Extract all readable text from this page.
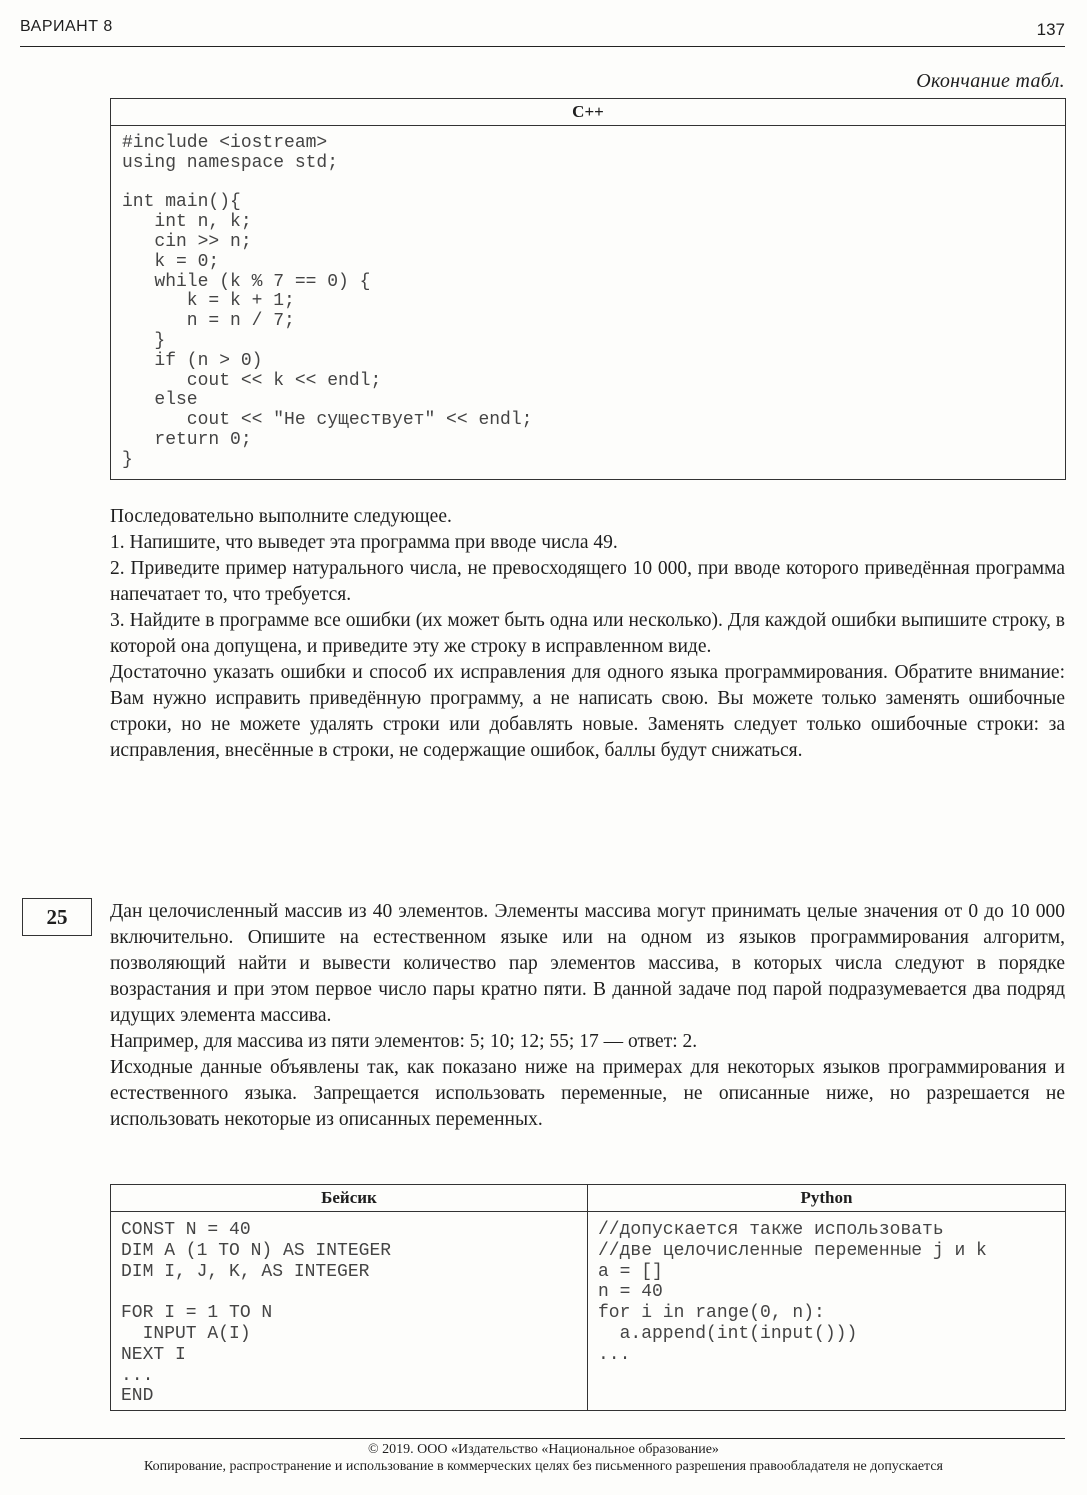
ВАРИАНТ 8	137
Окончание табл.
C++
#include <iostream>
using namespace std;

int main(){
int n, k;
cin >> n;
k = 0;
while (k % 7 == 0) {
k = k + 1;
n = n / 7;
}
if (n > 0)
cout << k << endl;
else
cout << "Не существует" << endl;
return 0;
}

Последовательно выполните следующее.

1. Напишите, что выведет эта программа при вводе числа 49.

2. Приведите пример натурального числа, не превосходящего 10 000, при вводе которого приведённая программа напечатает то, что требуется.

3. Найдите в программе все ошибки (их может быть одна или несколько). Для каждой ошибки выпишите строку, в которой она допущена, и приведите эту же строку в исправленном виде.

Достаточно указать ошибки и способ их исправления для одного языка программирования. Обратите внимание: Вам нужно исправить приведённую программу, а не написать свою. Вы можете только заменять ошибочные строки, но не можете удалять строки или добавлять новые. Заменять следует только ошибочные строки: за исправления, внесённые в строки, не содержащие ошибок, баллы будут снижаться.

25	Дан целочисленный массив из 40 элементов. Элементы массива могут принимать целые значения от 0 до 10 000 включительно. Опишите на естественном языке или на одном из языков программирования алгоритм, позволяющий найти и вывести количество пар элементов массива, в которых числа следуют в порядке возрастания и при этом первое число пары кратно пяти. В данной задаче под парой подразумевается два подряд идущих элемента массива.

Например, для массива из пяти элементов: 5; 10; 12; 55; 17 — ответ: 2.

Исходные данные объявлены так, как показано ниже на примерах для некоторых языков программирования и естественного языка. Запрещается использовать переменные, не описанные ниже, но разрешается не использовать некоторые из описанных переменных.

Бейсик
CONST N = 40
DIM A (1 TO N) AS INTEGER
DIM I, J, K, AS INTEGER

FOR I = 1 TO N
INPUT A(I)
NEXT I
...
END
Python
//допускается также использовать
//две целочисленные переменные j и k
a = []
n = 40
for i in range(0, n):
a.append(int(input()))
...
© 2019. ООО «Издательство «Национальное образование»
Копирование, распространение и использование в коммерческих целях без письменного разрешения правообладателя не допускается
